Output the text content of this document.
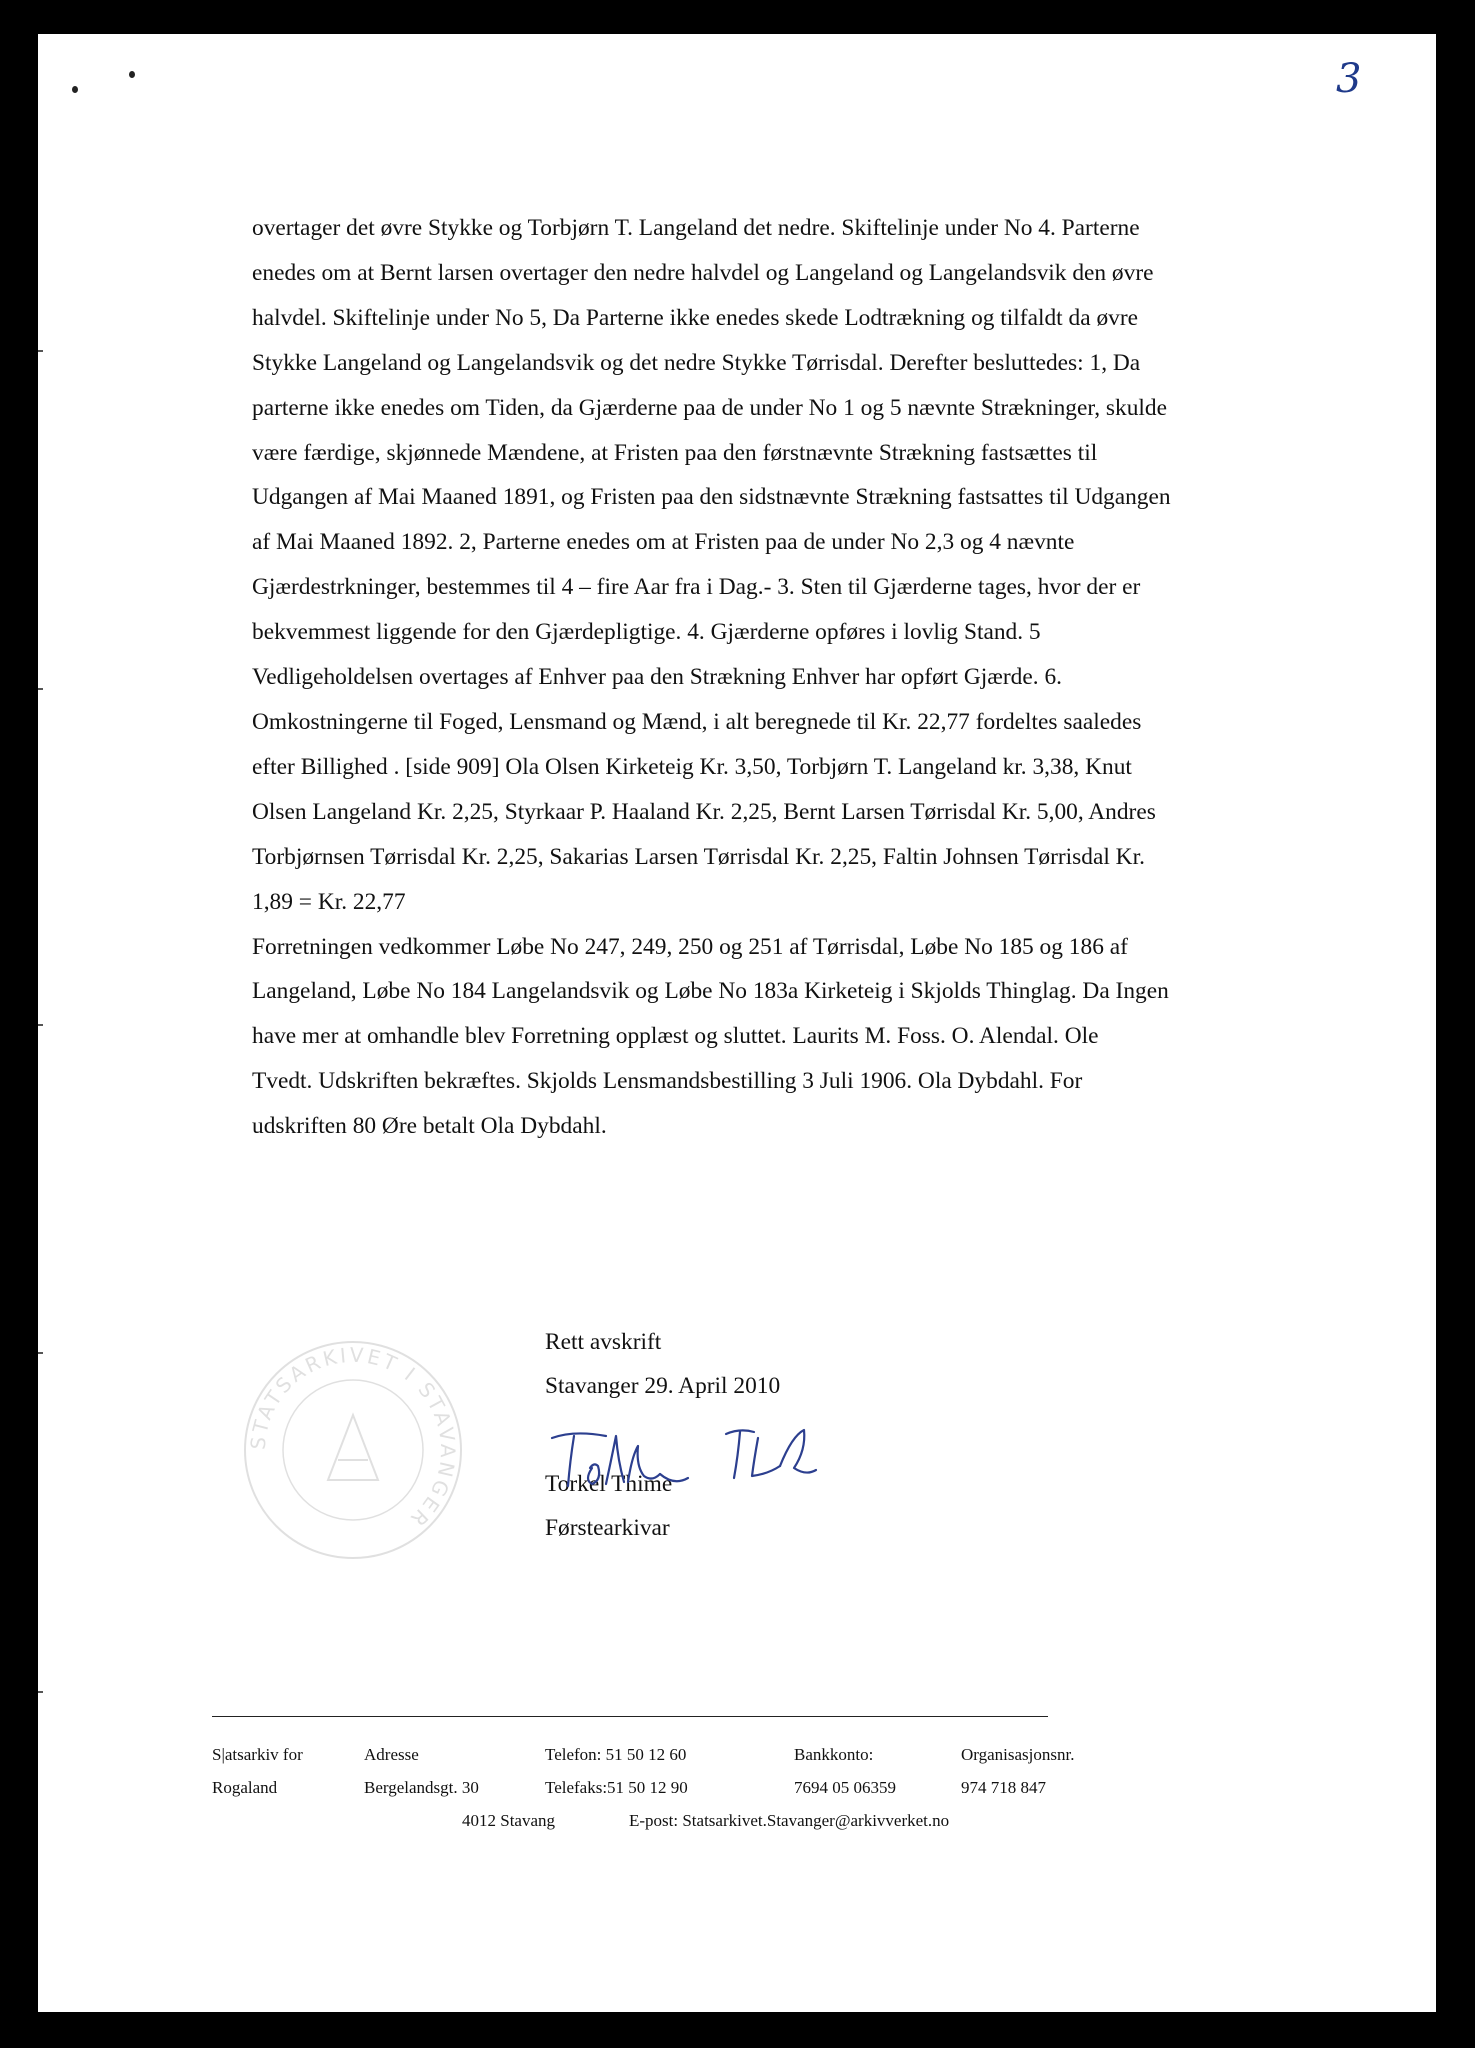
3
overtager det øvre Stykke og Torbjørn T. Langeland det nedre. Skiftelinje under No 4. Parterne
enedes om at Bernt larsen overtager den nedre halvdel og Langeland og Langelandsvik den øvre
halvdel. Skiftelinje under No 5, Da Parterne ikke enedes skede Lodtrækning og tilfaldt da øvre
Stykke Langeland og Langelandsvik og det nedre Stykke Tørrisdal. Derefter besluttedes: 1, Da
parterne ikke enedes om Tiden, da Gjærderne paa de under No 1 og 5 nævnte Strækninger, skulde
være færdige, skjønnede Mændene, at Fristen paa den førstnævnte Strækning fastsættes til
Udgangen af Mai Maaned 1891, og Fristen paa den sidstnævnte Strækning fastsattes til Udgangen
af Mai Maaned 1892. 2, Parterne enedes om at Fristen paa de under No 2,3 og 4 nævnte
Gjærdestrkninger, bestemmes til 4 – fire Aar fra i Dag.- 3. Sten til Gjærderne tages, hvor der er
bekvemmest liggende for den Gjærdepligtige. 4. Gjærderne opføres i lovlig Stand. 5
Vedligeholdelsen overtages af Enhver paa den Strækning Enhver har opført Gjærde. 6.
Omkostningerne til Foged, Lensmand og Mænd, i alt beregnede til Kr. 22,77 fordeltes saaledes
efter Billighed . [side 909] Ola Olsen Kirketeig Kr. 3,50, Torbjørn T. Langeland kr. 3,38, Knut
Olsen Langeland Kr. 2,25, Styrkaar P. Haaland Kr. 2,25, Bernt Larsen Tørrisdal Kr. 5,00, Andres
Torbjørnsen Tørrisdal Kr. 2,25, Sakarias Larsen Tørrisdal Kr. 2,25, Faltin Johnsen Tørrisdal Kr.
1,89 = Kr. 22,77
Forretningen vedkommer Løbe No 247, 249, 250 og 251 af Tørrisdal, Løbe No 185 og 186 af
Langeland, Løbe No 184 Langelandsvik og Løbe No 183a Kirketeig i Skjolds Thinglag. Da Ingen
have mer at omhandle blev Forretning opplæst og sluttet. Laurits M. Foss. O. Alendal. Ole
Tvedt. Udskriften bekræftes. Skjolds Lensmandsbestilling 3 Juli 1906. Ola Dybdahl. For
udskriften 80 Øre betalt Ola Dybdahl.
STATSARKIVET I STAVANGER
Rett avskrift
Stavanger 29. April 2010
Torkel Thime
Førstearkivar
S|atsarkiv for
Rogaland
Adresse
Bergelandsgt. 30
Telefon: 51 50 12 60
Telefaks:51 50 12 90
Bankkonto:
7694 05 06359
Organisasjonsnr.
974 718 847
4012 Stavang	E-post: Statsarkivet.Stavanger@arkivverket.no
